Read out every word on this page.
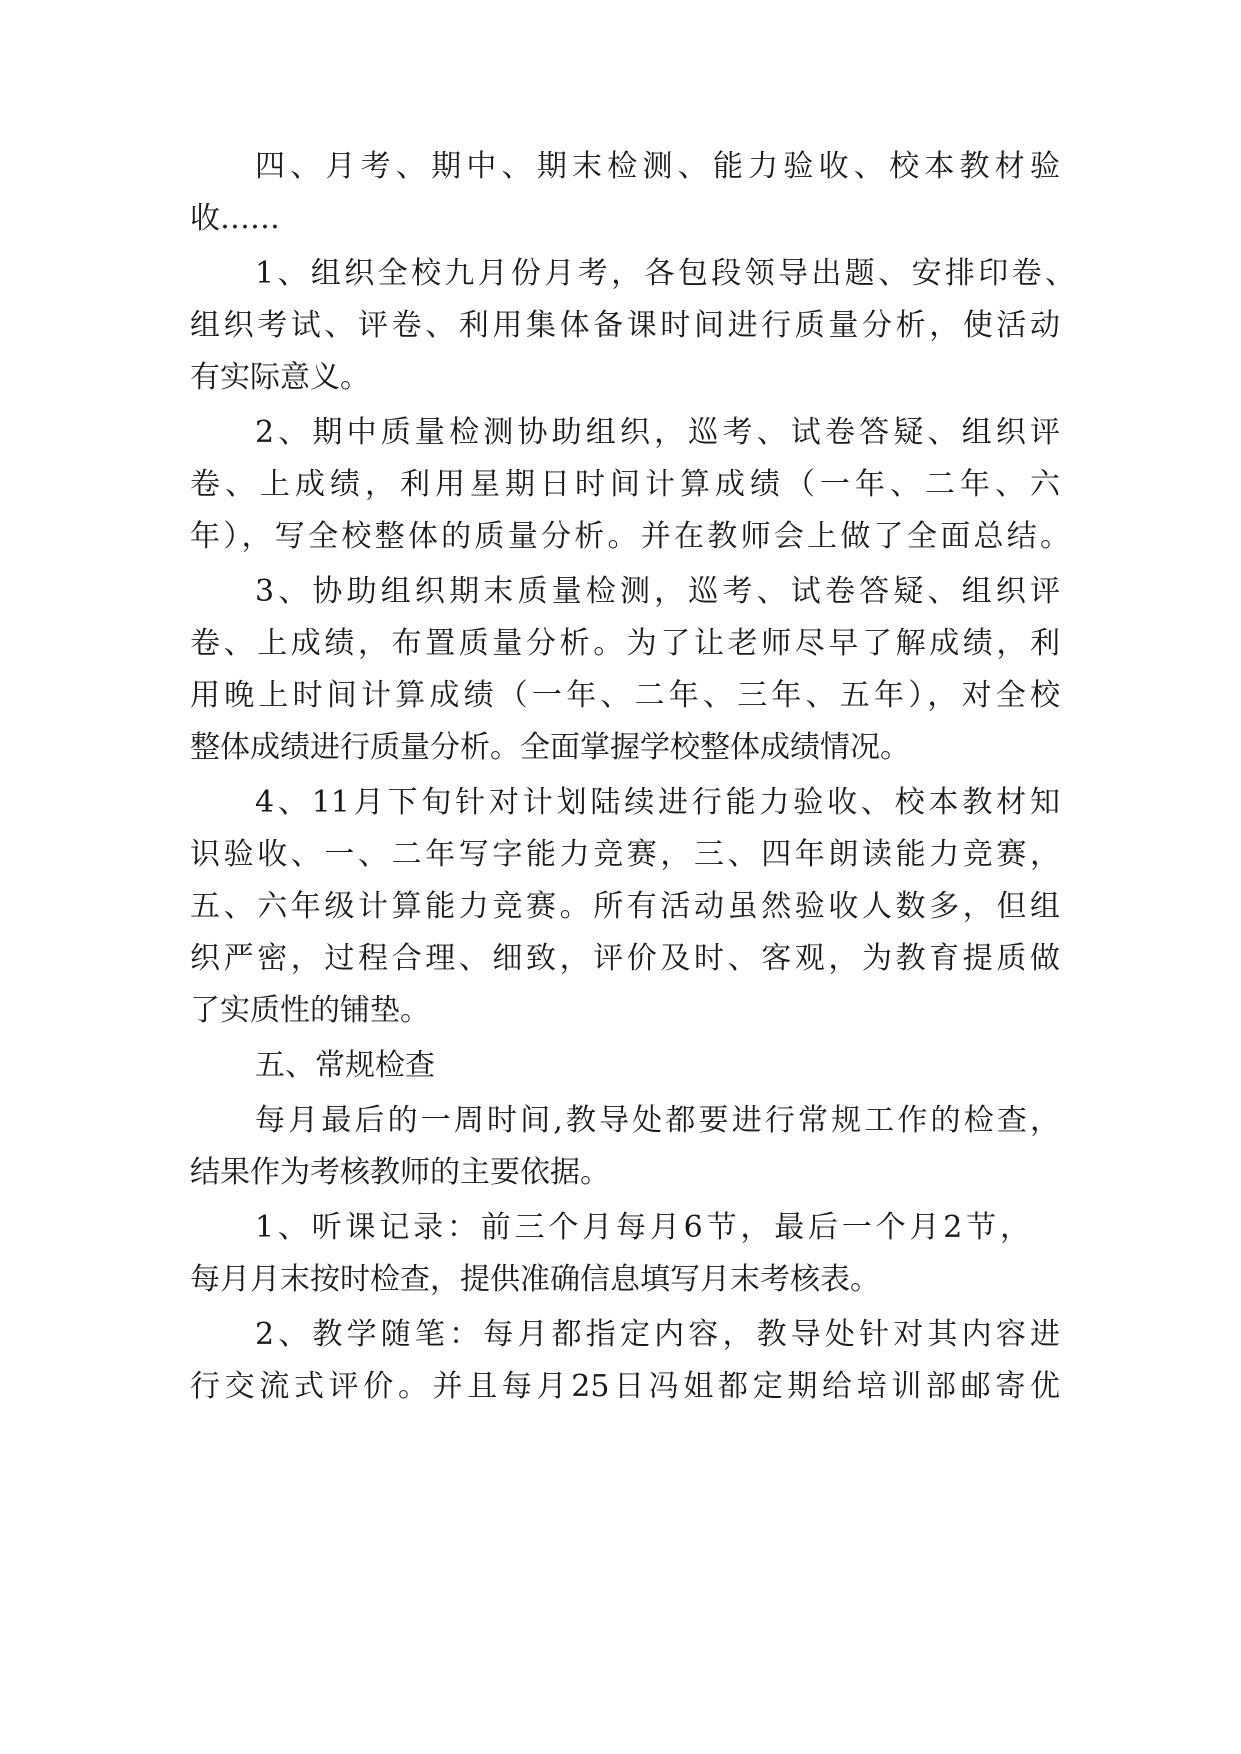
四、月考、期中、期末检测、能力验收、校本教材验
收……
1、组织全校九月份月考，各包段领导出题、安排印卷、
组织考试、评卷、利用集体备课时间进行质量分析，使活动
有实际意义。
2、期中质量检测协助组织，巡考、试卷答疑、组织评
卷、上成绩，利用星期日时间计算成绩（一年、二年、六
年），写全校整体的质量分析。并在教师会上做了全面总结。
3、协助组织期末质量检测，巡考、试卷答疑、组织评
卷、上成绩，布置质量分析。为了让老师尽早了解成绩，利
用晚上时间计算成绩（一年、二年、三年、五年），对全校
整体成绩进行质量分析。全面掌握学校整体成绩情况。
4、11月下旬针对计划陆续进行能力验收、校本教材知
识验收、一、二年写字能力竞赛，三、四年朗读能力竞赛，
五、六年级计算能力竞赛。所有活动虽然验收人数多，但组
织严密，过程合理、细致，评价及时、客观，为教育提质做
了实质性的铺垫。
五、常规检查
每月最后的一周时间,教导处都要进行常规工作的检查，
结果作为考核教师的主要依据。
1、听课记录：前三个月每月6节，最后一个月2节，
每月月末按时检查，提供准确信息填写月末考核表。
2、教学随笔：每月都指定内容，教导处针对其内容进
行交流式评价。并且每月25日冯姐都定期给培训部邮寄优
